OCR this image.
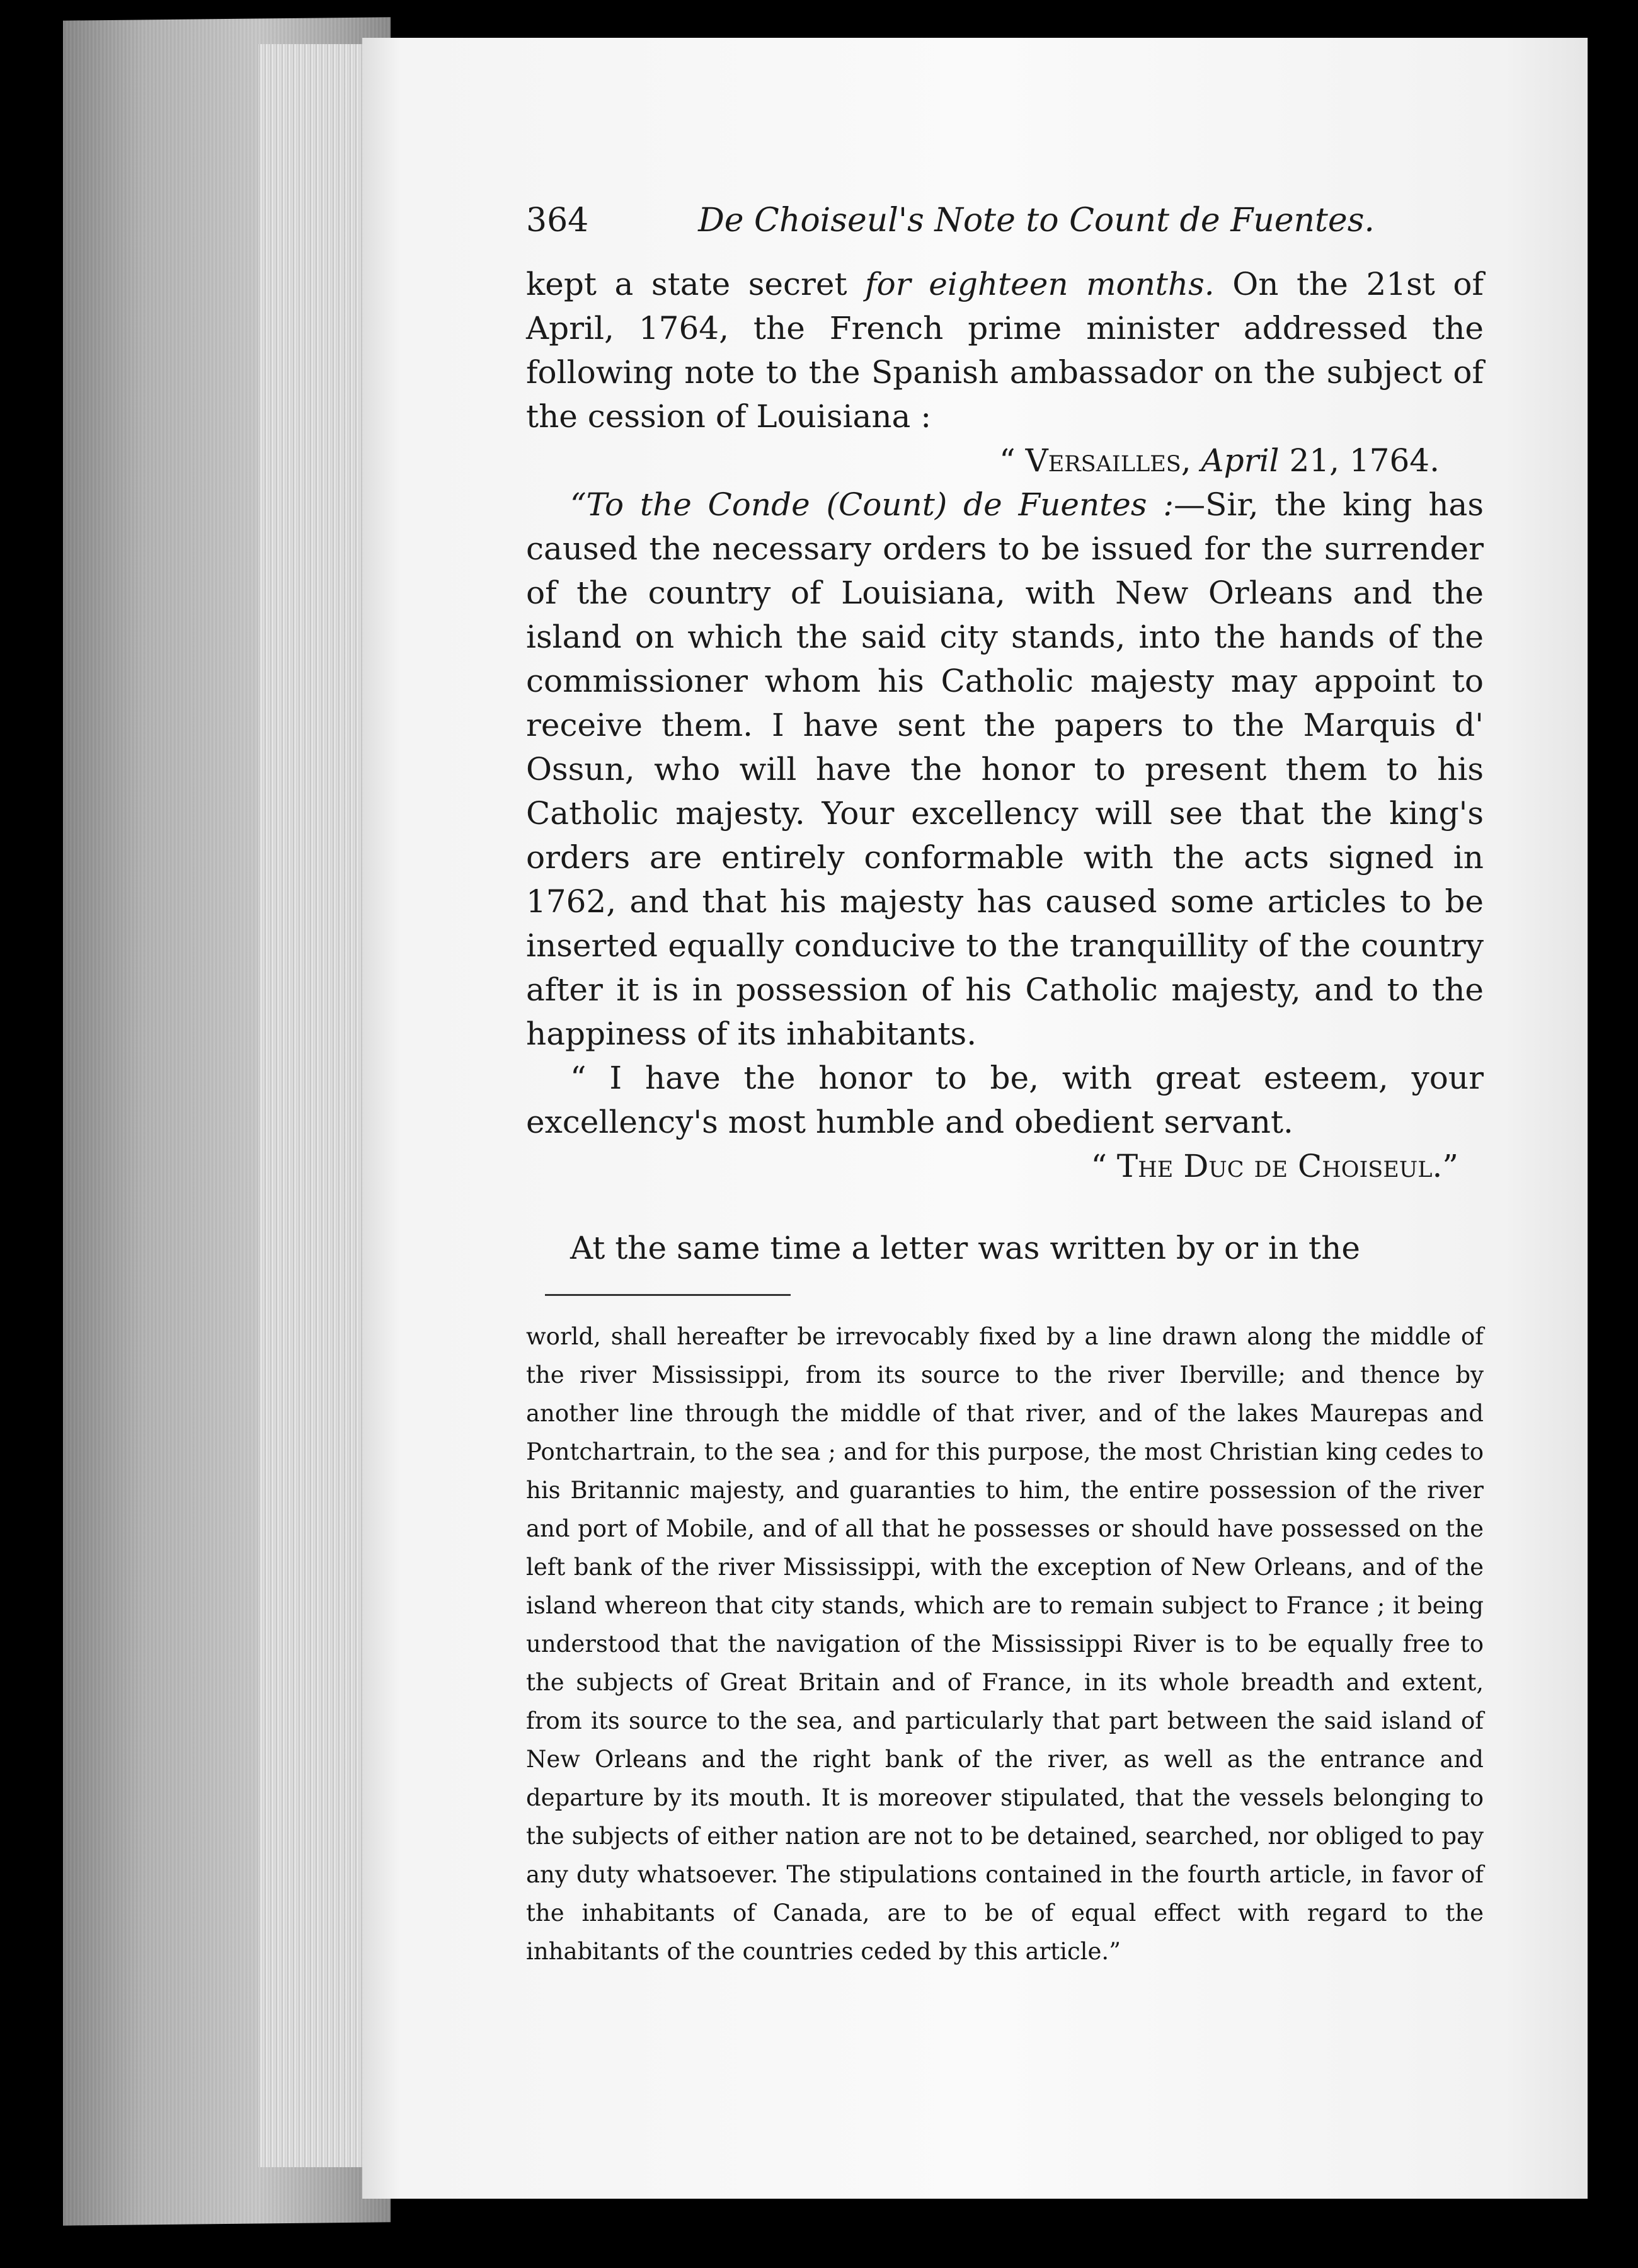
364	De Choiseul's Note to Count de Fuentes.

kept a state secret for eighteen months. On the 21st of April, 1764, the French prime minister addressed the following note to the Spanish ambassador on the subject of the cession of Louisiana :

“ Versailles, April 21, 1764.

“To the Conde (Count) de Fuentes :—Sir, the king has caused the necessary orders to be issued for the surrender of the country of Louisiana, with New Orleans and the island on which the said city stands, into the hands of the commissioner whom his Catholic majesty may appoint to receive them. I have sent the papers to the Marquis d' Ossun, who will have the honor to present them to his Catholic majesty. Your excellency will see that the king's orders are entirely conformable with the acts signed in 1762, and that his majesty has caused some articles to be inserted equally conducive to the tranquillity of the country after it is in possession of his Catholic majesty, and to the happiness of its inhabitants.

“ I have the honor to be, with great esteem, your excellency's most humble and obedient servant.

“ The Duc de Choiseul.”

At the same time a letter was written by or in the

world, shall hereafter be irrevocably fixed by a line drawn along the middle of the river Mississippi, from its source to the river Iberville; and thence by another line through the middle of that river, and of the lakes Maurepas and Pontchartrain, to the sea ; and for this purpose, the most Christian king cedes to his Britannic majesty, and guaranties to him, the entire possession of the river and port of Mobile, and of all that he possesses or should have possessed on the left bank of the river Mississippi, with the exception of New Orleans, and of the island whereon that city stands, which are to remain subject to France ; it being understood that the navigation of the Mississippi River is to be equally free to the subjects of Great Britain and of France, in its whole breadth and extent, from its source to the sea, and particularly that part between the said island of New Orleans and the right bank of the river, as well as the entrance and departure by its mouth. It is moreover stipulated, that the vessels belonging to the subjects of either nation are not to be detained, searched, nor obliged to pay any duty whatsoever. The stipulations contained in the fourth article, in favor of the inhabitants of Canada, are to be of equal effect with regard to the inhabitants of the countries ceded by this article.”
